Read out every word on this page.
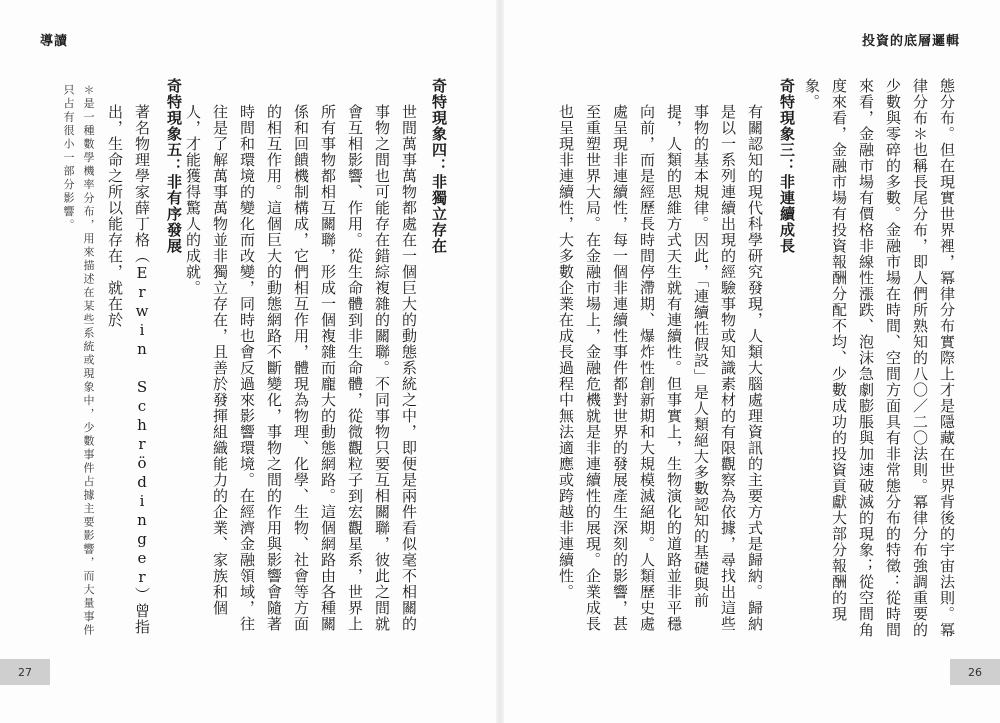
導讀	投資的底層邏輯

態分布。但在現實世界裡，冪律分布實際上才是隱藏在世界背後的宇宙法則。冪律分布＊也稱長尾分布，即人們所熟知的八〇／二〇法則。冪律分布強調重要的少數與零碎的多數。金融市場在時間、空間方面具有非常態分布的特徵：從時間來看，金融市場有價格非線性漲跌、泡沫急劇膨脹與加速破滅的現象；從空間角度來看，金融市場有投資報酬分配不均、少數成功的投資貢獻大部分報酬的現象。

奇特現象三：非連續成長

有關認知的現代科學研究發現，人類大腦處理資訊的主要方式是歸納。歸納是以一系列連續出現的經驗事物或知識素材的有限觀察為依據，尋找出這些事物的基本規律。因此，「連續性假設」是人類絕大多數認知的基礎與前提，人類的思維方式天生就有連續性。但事實上，生物演化的道路並非平穩向前，而是經歷長時間停滯期、爆炸性創新期和大規模滅絕期。人類歷史處處呈現非連續性，每一個非連續性事件都對世界的發展產生深刻的影響，甚至重塑世界大局。在金融市場上，金融危機就是非連續性的展現。企業成長也呈現非連續性，大多數企業在成長過程中無法適應或跨越非連續性。

奇特現象四：非獨立存在

世間萬事萬物都處在一個巨大的動態系統之中，即便是兩件看似毫不相關的事物之間也可能存在錯綜複雜的關聯。不同事物只要互相關聯，彼此之間就會互相影響、作用。從生命體到非生命體，從微觀粒子到宏觀星系，世界上所有事物都相互關聯，形成一個複雜而龐大的動態網路。這個網路由各種關係和回饋機制構成，它們相互作用，體現為物理、化學、生物、社會等方面的相互作用。這個巨大的動態網路不斷變化，事物之間的作用與影響會隨著時間和環境的變化而改變，同時也會反過來影響環境。在經濟金融領域，往往是了解萬事萬物並非獨立存在，且善於發揮組織能力的企業、家族和個人，才能獲得驚人的成就。

奇特現象五：非有序發展

著名物理學家薛丁格（Erwin Schrödinger）曾指出，生命之所以能存在，就在於

＊是一種數學機率分布，用來描述在某些系統或現象中，少數事件占據主要影響，而大量事件只占有很小一部分影響。

27	26
